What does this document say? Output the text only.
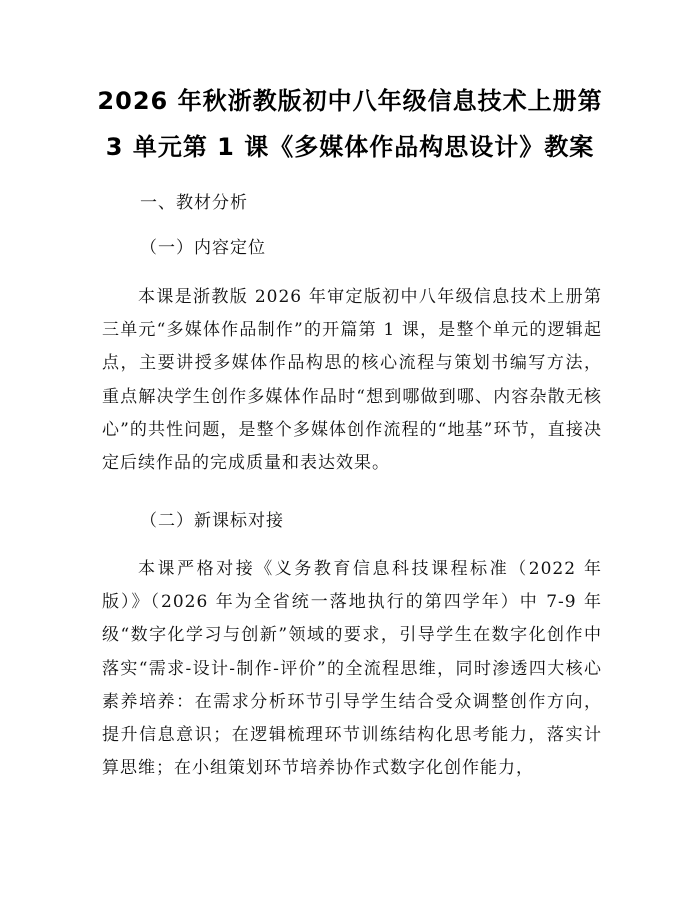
2026 年秋浙教版初中八年级信息技术上册第
3 单元第 1 课《多媒体作品构思设计》教案
一、教材分析
（一）内容定位

本课是浙教版 2026 年审定版初中八年级信息技术上册第三单元“多媒体作品制作”的开篇第 1 课，是整个单元的逻辑起点，主要讲授多媒体作品构思的核心流程与策划书编写方法，重点解决学生创作多媒体作品时“想到哪做到哪、内容杂散无核心”的共性问题，是整个多媒体创作流程的“地基”环节，直接决定后续作品的完成质量和表达效果。

（二）新课标对接

本课严格对接《义务教育信息科技课程标准（2022 年版）》（2026 年为全省统一落地执行的第四学年）中 7-9 年级“数字化学习与创新”领域的要求，引导学生在数字化创作中落实“需求-设计-制作-评价”的全流程思维，同时渗透四大核心素养培养：在需求分析环节引导学生结合受众调整创作方向，提升信息意识；在逻辑梳理环节训练结构化思考能力，落实计算思维；在小组策划环节培养协作式数字化创作能力，
